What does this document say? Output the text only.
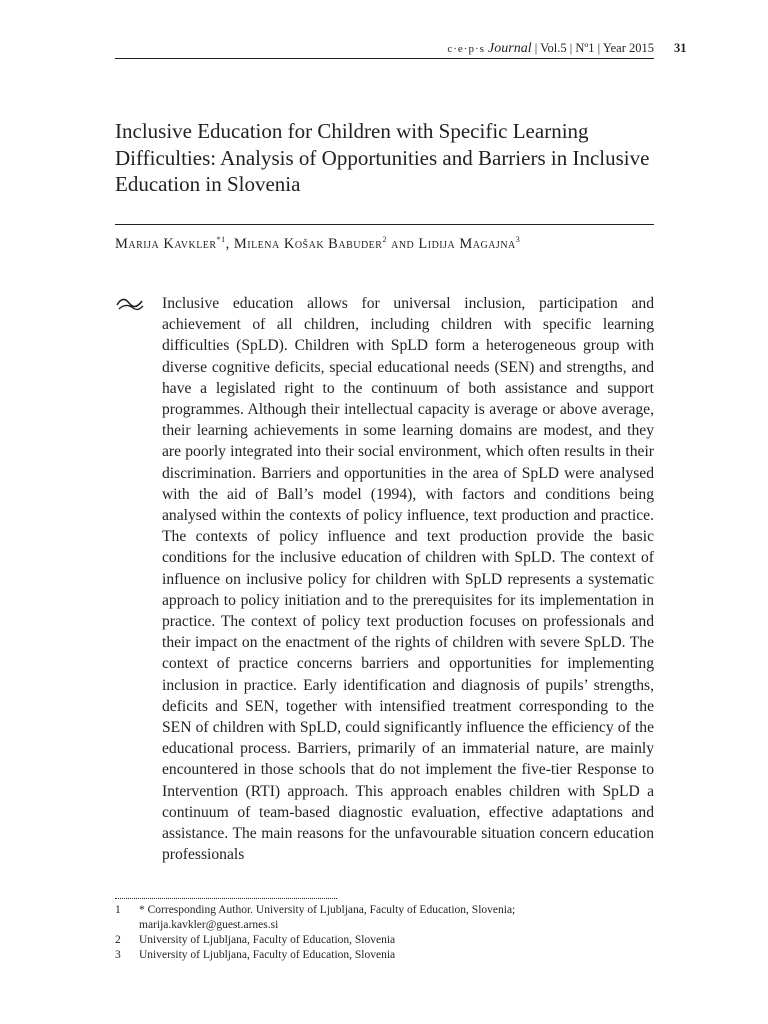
c·e·p·s Journal | Vol.5 | Nº1 | Year 2015 31
Inclusive Education for Children with Specific Learning Difficulties: Analysis of Opportunities and Barriers in Inclusive Education in Slovenia
Marija Kavkler$^{*1}$, Milena Košak Babuder$^2$ and Lidija Magajna$^3$

Inclusive education allows for universal inclusion, participation and achievement of all children, including children with specific learning difficulties (SpLD). Children with SpLD form a heterogeneous group with diverse cognitive deficits, special educational needs (SEN) and strengths, and have a legislated right to the continuum of both assistance and support programmes. Although their intellectual capacity is average or above average, their learning achievements in some learning domains are modest, and they are poorly integrated into their social environment, which often results in their discrimination. Barriers and opportunities in the area of SpLD were analysed with the aid of Ball’s model (1994), with factors and conditions being analysed within the contexts of policy influence, text production and practice. The contexts of policy influence and text production provide the basic conditions for the inclusive education of children with SpLD. The context of influence on inclusive policy for children with SpLD represents a systematic approach to policy initiation and to the prerequisites for its implementation in practice. The context of policy text production focuses on professionals and their impact on the enactment of the rights of children with severe SpLD. The context of practice concerns barriers and opportunities for implementing inclusion in practice. Early identification and diagnosis of pupils’ strengths, deficits and SEN, together with intensified treatment corresponding to the SEN of children with SpLD, could significantly influence the efficiency of the educational process. Barriers, primarily of an immaterial nature, are mainly encountered in those schools that do not implement the five-tier Response to Intervention (RTI) approach. This approach enables children with SpLD a continuum of team-based diagnostic evaluation, effective adaptations and assistance. The main reasons for the unfavourable situation concern education professionals

1	* Corresponding Author. University of Ljubljana, Faculty of Education, Slovenia;
marija.kavkler@guest.arnes.si
2	University of Ljubljana, Faculty of Education, Slovenia
3	University of Ljubljana, Faculty of Education, Slovenia
